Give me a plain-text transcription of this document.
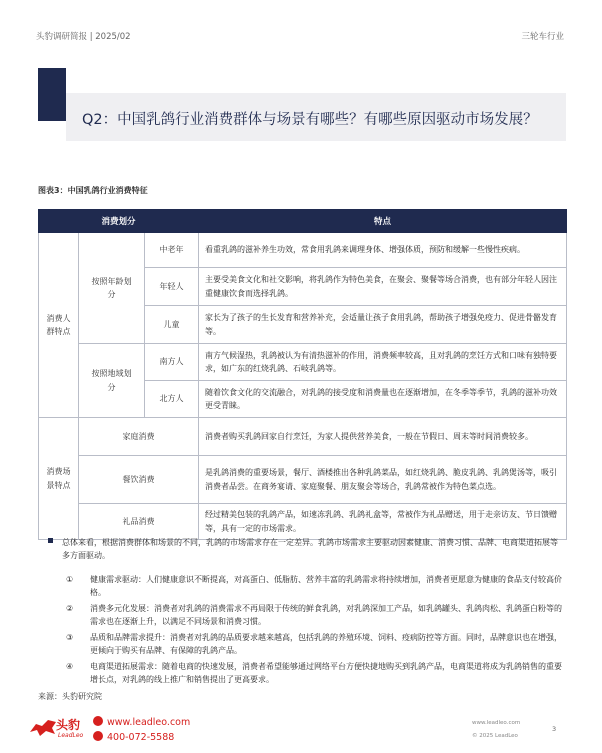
头豹调研简报 | 2025/02	三轮车行业
Q2：中国乳鸽行业消费群体与场景有哪些？有哪些原因驱动市场发展？
图表3：中国乳鸽行业消费特征
消费划分			特点
消费人群特点	按照年龄划分	中老年	看重乳鸽的滋补养生功效，常食用乳鸽来调理身体、增强体质，预防和缓解一些慢性疾病。
		年轻人	主要受美食文化和社交影响，将乳鸽作为特色美食，在聚会、聚餐等场合消费，也有部分年轻人因注重健康饮食而选择乳鸽。
		儿童	家长为了孩子的生长发育和营养补充，会适量让孩子食用乳鸽，帮助孩子增强免疫力、促进骨骼发育等。
	按照地域划分	南方人	南方气候湿热，乳鸽被认为有清热滋补的作用，消费频率较高，且对乳鸽的烹饪方式和口味有独特要求，如广东的红烧乳鸽、石岐乳鸽等。
		北方人	随着饮食文化的交流融合，对乳鸽的接受度和消费量也在逐渐增加，在冬季等季节，乳鸽的滋补功效更受青睐。
消费场景特点	家庭消费		消费者购买乳鸽回家自行烹饪，为家人提供营养美食，一般在节假日、周末等时间消费较多。
	餐饮消费		是乳鸽消费的重要场景，餐厅、酒楼推出各种乳鸽菜品，如红烧乳鸽、脆皮乳鸽、乳鸽煲汤等，吸引消费者品尝。在商务宴请、家庭聚餐、朋友聚会等场合，乳鸽常被作为特色菜点选。
	礼品消费		经过精美包装的乳鸽产品，如速冻乳鸽、乳鸽礼盒等，常被作为礼品赠送，用于走亲访友、节日馈赠等，具有一定的市场需求。

总体来看，根据消费群体和场景的不同，乳鸽的市场需求存在一定差异。乳鸽市场需求主要驱动因素健康、消费习惯、品牌、电商渠道拓展等多方面驱动。

① 健康需求驱动：人们健康意识不断提高，对高蛋白、低脂肪、营养丰富的乳鸽需求将持续增加，消费者更愿意为健康的食品支付较高价格。
② 消费多元化发展：消费者对乳鸽的消费需求不再局限于传统的鲜食乳鸽，对乳鸽深加工产品，如乳鸽罐头、乳鸽肉松、乳鸽蛋白粉等的需求也在逐渐上升，以满足不同场景和消费习惯。
③ 品质和品牌需求提升：消费者对乳鸽的品质要求越来越高，包括乳鸽的养殖环境、饲料、疫病防控等方面。同时，品牌意识也在增强，更倾向于购买有品牌、有保障的乳鸽产品。
④ 电商渠道拓展需求：随着电商的快速发展，消费者希望能够通过网络平台方便快捷地购买到乳鸽产品，电商渠道将成为乳鸽销售的重要增长点，对乳鸽的线上推广和销售提出了更高要求。
来源：头豹研究院
头豹
LeadLeo
www.leadleo.com
400-072-5588
www.leadleo.com
© 2025 LeadLeo
3
